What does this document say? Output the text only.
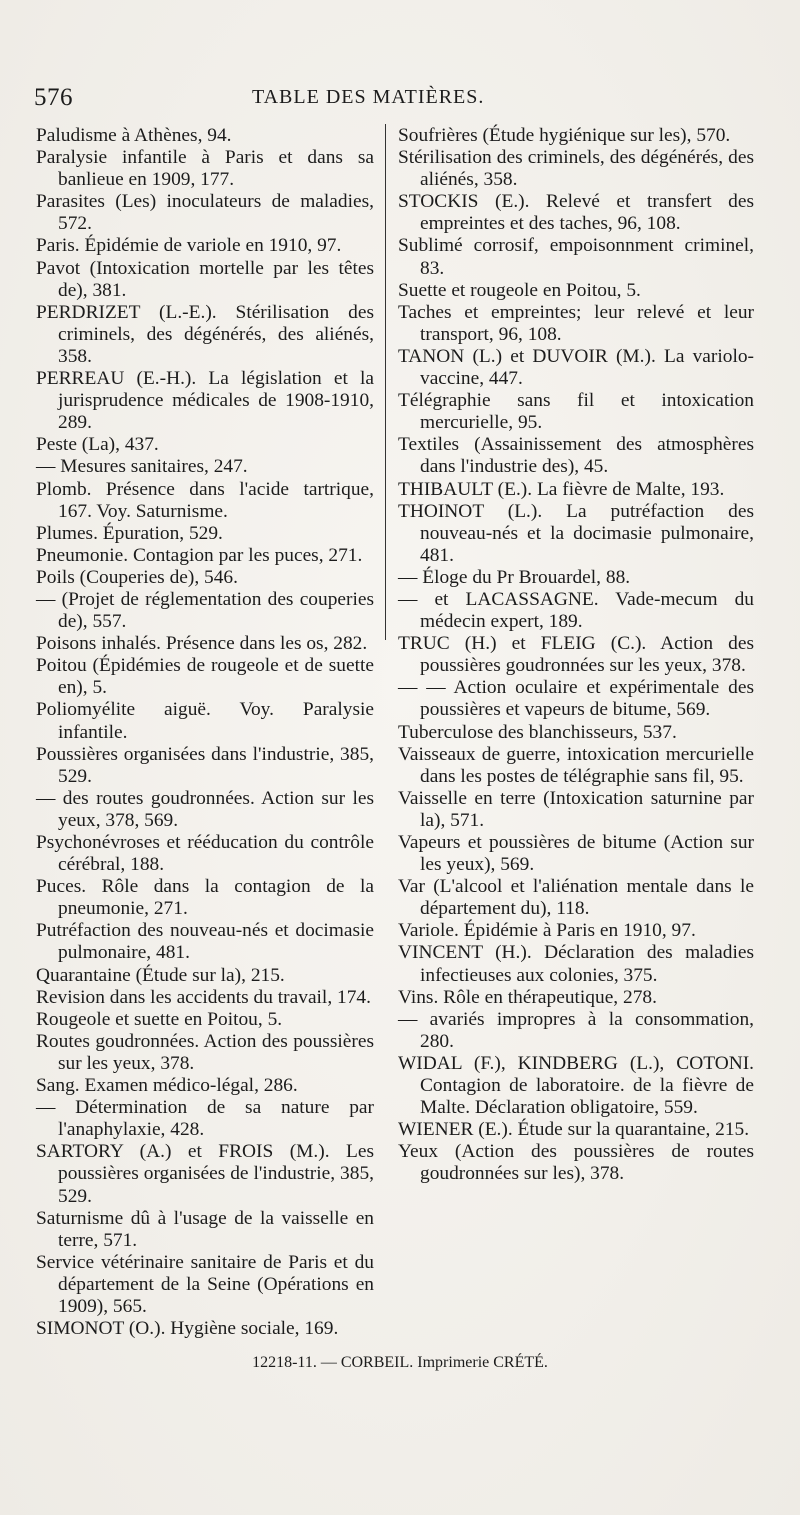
576	TABLE DES MATIÈRES.

Paludisme à Athènes, 94.

Paralysie infantile à Paris et dans sa banlieue en 1909, 177.

Parasites (Les) inoculateurs de maladies, 572.

Paris. Épidémie de variole en 1910, 97.

Pavot (Intoxication mortelle par les têtes de), 381.

PERDRIZET (L.-E.). Stérilisation des criminels, des dégénérés, des aliénés, 358.

PERREAU (E.-H.). La législation et la jurisprudence médicales de 1908-1910, 289.

Peste (La), 437.

— Mesures sanitaires, 247.

Plomb. Présence dans l'acide tartrique, 167. Voy. Saturnisme.

Plumes. Épuration, 529.

Pneumonie. Contagion par les puces, 271.

Poils (Couperies de), 546.

— (Projet de réglementation des couperies de), 557.

Poisons inhalés. Présence dans les os, 282.

Poitou (Épidémies de rougeole et de suette en), 5.

Poliomyélite aiguë. Voy. Paralysie infantile.

Poussières organisées dans l'industrie, 385, 529.

— des routes goudronnées. Action sur les yeux, 378, 569.

Psychonévroses et rééducation du contrôle cérébral, 188.

Puces. Rôle dans la contagion de la pneumonie, 271.

Putréfaction des nouveau-nés et docimasie pulmonaire, 481.

Quarantaine (Étude sur la), 215.

Revision dans les accidents du travail, 174.

Rougeole et suette en Poitou, 5.

Routes goudronnées. Action des poussières sur les yeux, 378.

Sang. Examen médico-légal, 286.

— Détermination de sa nature par l'anaphylaxie, 428.

SARTORY (A.) et FROIS (M.). Les poussières organisées de l'industrie, 385, 529.

Saturnisme dû à l'usage de la vaisselle en terre, 571.

Service vétérinaire sanitaire de Paris et du département de la Seine (Opérations en 1909), 565.

SIMONOT (O.). Hygiène sociale, 169.

Soufrières (Étude hygiénique sur les), 570.

Stérilisation des criminels, des dégénérés, des aliénés, 358.

STOCKIS (E.). Relevé et transfert des empreintes et des taches, 96, 108.

Sublimé corrosif, empoisonnment criminel, 83.

Suette et rougeole en Poitou, 5.

Taches et empreintes; leur relevé et leur transport, 96, 108.

TANON (L.) et DUVOIR (M.). La variolo-vaccine, 447.

Télégraphie sans fil et intoxication mercurielle, 95.

Textiles (Assainissement des atmosphères dans l'industrie des), 45.

THIBAULT (E.). La fièvre de Malte, 193.

THOINOT (L.). La putréfaction des nouveau-nés et la docimasie pulmonaire, 481.

— Éloge du Pr Brouardel, 88.

— et LACASSAGNE. Vade-mecum du médecin expert, 189.

TRUC (H.) et FLEIG (C.). Action des poussières goudronnées sur les yeux, 378.

— — Action oculaire et expérimentale des poussières et vapeurs de bitume, 569.

Tuberculose des blanchisseurs, 537.

Vaisseaux de guerre, intoxication mercurielle dans les postes de télégraphie sans fil, 95.

Vaisselle en terre (Intoxication saturnine par la), 571.

Vapeurs et poussières de bitume (Action sur les yeux), 569.

Var (L'alcool et l'aliénation mentale dans le département du), 118.

Variole. Épidémie à Paris en 1910, 97.

VINCENT (H.). Déclaration des maladies infectieuses aux colonies, 375.

Vins. Rôle en thérapeutique, 278.

— avariés impropres à la consommation, 280.

WIDAL (F.), KINDBERG (L.), COTONI. Contagion de laboratoire. de la fièvre de Malte. Déclaration obligatoire, 559.

WIENER (E.). Étude sur la quarantaine, 215.

Yeux (Action des poussières de routes goudronnées sur les), 378.

12218-11. — CORBEIL. Imprimerie CRÉTÉ.
